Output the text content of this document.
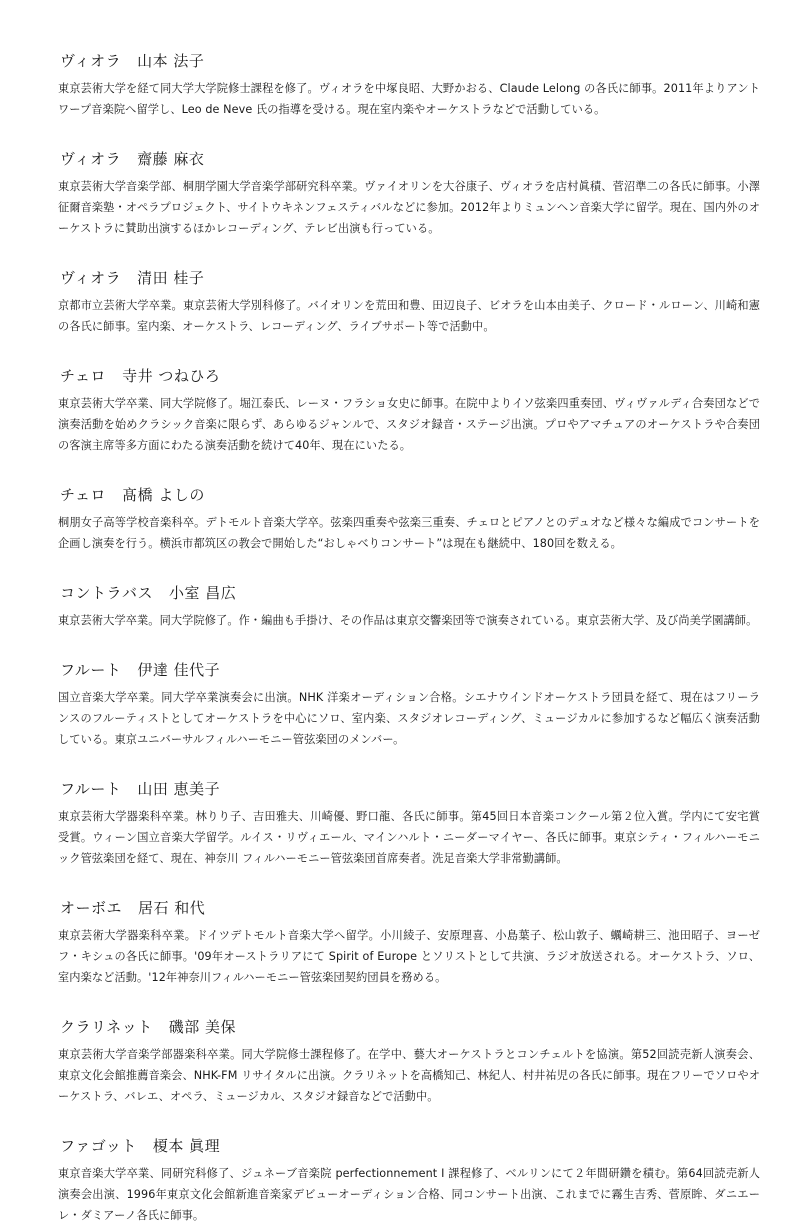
ヴィオラ 山本 法子

東京芸術大学を経て同大学大学院修士課程を修了。ヴィオラを中塚良昭、大野かおる、Claude Lelong の各氏に師事。2011年よりアントワープ音楽院へ留学し、Leo de Neve 氏の指導を受ける。現在室内楽やオーケストラなどで活動している。

ヴィオラ 齋藤 麻衣

東京芸術大学音楽学部、桐朋学園大学音楽学部研究科卒業。ヴァイオリンを大谷康子、ヴィオラを店村眞積、菅沼準二の各氏に師事。小澤征爾音楽塾・オペラプロジェクト、サイトウキネンフェスティバルなどに参加。2012年よりミュンヘン音楽大学に留学。現在、国内外のオーケストラに賛助出演するほかレコーディング、テレビ出演も行っている。

ヴィオラ 清田 桂子

京都市立芸術大学卒業。東京芸術大学別科修了。バイオリンを荒田和豊、田辺良子、ビオラを山本由美子、クロード・ルローン、川崎和憲の各氏に師事。室内楽、オーケストラ、レコーディング、ライブサポート等で活動中。

チェロ 寺井 つねひろ

東京芸術大学卒業、同大学院修了。堀江泰氏、レーヌ・フラショ女史に師事。在院中よりイソ弦楽四重奏団、ヴィヴァルディ合奏団などで演奏活動を始めクラシック音楽に限らず、あらゆるジャンルで、スタジオ録音・ステージ出演。プロやアマチュアのオーケストラや合奏団の客演主席等多方面にわたる演奏活動を続けて40年、現在にいたる。

チェロ 髙橋 よしの

桐朋女子高等学校音楽科卒。デトモルト音楽大学卒。弦楽四重奏や弦楽三重奏、チェロとピアノとのデュオなど様々な編成でコンサートを企画し演奏を行う。横浜市都筑区の教会で開始した“おしゃべりコンサート”は現在も継続中、180回を数える。

コントラバス 小室 昌広

東京芸術大学卒業。同大学院修了。作・編曲も手掛け、その作品は東京交響楽団等で演奏されている。東京芸術大学、及び尚美学園講師。

フルート 伊達 佳代子

国立音楽大学卒業。同大学卒業演奏会に出演。NHK 洋楽オーディション合格。シエナウインドオーケストラ団員を経て、現在はフリーランスのフルーティストとしてオーケストラを中心にソロ、室内楽、スタジオレコーディング、ミュージカルに参加するなど幅広く演奏活動している。東京ユニバーサルフィルハーモニー管弦楽団のメンバー。

フルート 山田 恵美子

東京芸術大学器楽科卒業。林りり子、吉田雅夫、川崎優、野口龍、各氏に師事。第45回日本音楽コンクール第２位入賞。学内にて安宅賞受賞。ウィーン国立音楽大学留学。ルイス・リヴィエール、マインハルト・ニーダーマイヤー、各氏に師事。東京シティ・フィルハーモニック管弦楽団を経て、現在、神奈川 フィルハーモニー管弦楽団首席奏者。洗足音楽大学非常勤講師。

オーボエ 居石 和代

東京芸術大学器楽科卒業。ドイツデトモルト音楽大学へ留学。小川綾子、安原理喜、小島葉子、松山敦子、蠣崎耕三、池田昭子、ヨーゼフ・キシュの各氏に師事。'09年オーストラリアにて Spirit of Europe とソリストとして共演、ラジオ放送される。オーケストラ、ソロ、室内楽など活動。'12年神奈川フィルハーモニー管弦楽団契約団員を務める。

クラリネット 磯部 美保

東京芸術大学音楽学部器楽科卒業。同大学院修士課程修了。在学中、藝大オーケストラとコンチェルトを協演。第52回読売新人演奏会、東京文化会館推薦音楽会、NHK-FM リサイタルに出演。クラリネットを高橋知己、林紀人、村井祐児の各氏に師事。現在フリーでソロやオーケストラ、バレエ、オペラ、ミュージカル、スタジオ録音などで活動中。

ファゴット 榎本 眞理

東京音楽大学卒業、同研究科修了、ジュネーブ音楽院 perfectionnement I 課程修了、ベルリンにて２年間研鑽を積む。第64回読売新人演奏会出演、1996年東京文化会館新進音楽家デビューオーディション合格、同コンサート出演、これまでに霧生吉秀、菅原眸、ダニエーレ・ダミアーノ各氏に師事。
